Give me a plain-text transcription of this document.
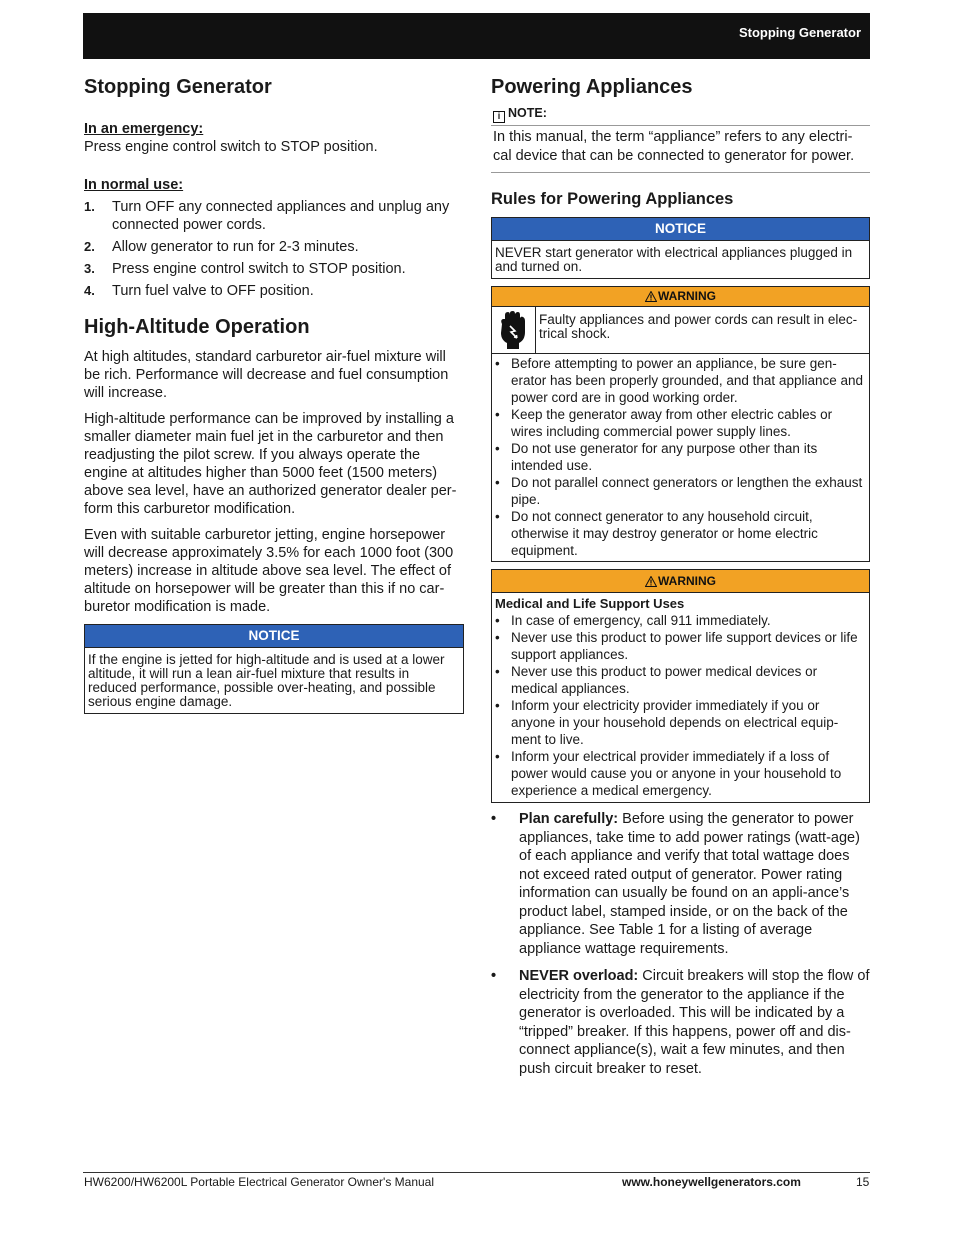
Stopping Generator
Stopping Generator
In an emergency:

Press engine control switch to STOP position.

In normal use:
1. Turn OFF any connected appliances and unplug any connected power cords.
2. Allow generator to run for 2-3 minutes.
3. Press engine control switch to STOP position.
4. Turn fuel valve to OFF position.
High-Altitude Operation

At high altitudes, standard carburetor air-fuel mixture will be rich. Performance will decrease and fuel consumption will increase.

High-altitude performance can be improved by installing a smaller diameter main fuel jet in the carburetor and then readjusting the pilot screw. If you always operate the engine at altitudes higher than 5000 feet (1500 meters) above sea level, have an authorized generator dealer per-form this carburetor modification.

Even with suitable carburetor jetting, engine horsepower will decrease approximately 3.5% for each 1000 foot (300 meters) increase in altitude above sea level. The effect of altitude on horsepower will be greater than this if no car-buretor modification is made.

NOTICE
If the engine is jetted for high-altitude and is used at a lower altitude, it will run a lean air-fuel mixture that results in reduced performance, possible over-heating, and possible serious engine damage.
Powering Appliances
i NOTE:

In this manual, the term “appliance” refers to any electri-cal device that can be connected to generator for power.

Rules for Powering Appliances
NOTICE
NEVER start generator with electrical appliances plugged in and turned on.
WARNING
Faulty appliances and power cords can result in elec-trical shock.
• Before attempting to power an appliance, be sure gen-erator has been properly grounded, and that appliance and power cord are in good working order.
• Keep the generator away from other electric cables or wires including commercial power supply lines.
• Do not use generator for any purpose other than its intended use.
• Do not parallel connect generators or lengthen the exhaust pipe.
• Do not connect generator to any household circuit, otherwise it may destroy generator or home electric equipment.
WARNING
Medical and Life Support Uses
• In case of emergency, call 911 immediately.
• Never use this product to power life support devices or life support appliances.
• Never use this product to power medical devices or medical appliances.
• Inform your electricity provider immediately if you or anyone in your household depends on electrical equip-ment to live.
• Inform your electrical provider immediately if a loss of power would cause you or anyone in your household to experience a medical emergency.
• Plan carefully: Before using the generator to power appliances, take time to add power ratings (watt-age) of each appliance and verify that total wattage does not exceed rated output of generator. Power rating information can usually be found on an appli-ance’s product label, stamped inside, or on the back of the appliance. See Table 1 for a listing of average appliance wattage requirements.
• NEVER overload: Circuit breakers will stop the flow of electricity from the generator to the appliance if the generator is overloaded. This will be indicated by a “tripped” breaker. If this happens, power off and dis-connect appliance(s), wait a few minutes, and then push circuit breaker to reset.
HW6200/HW6200L Portable Electrical Generator Owner's Manual	www.honeywellgenerators.com	15
